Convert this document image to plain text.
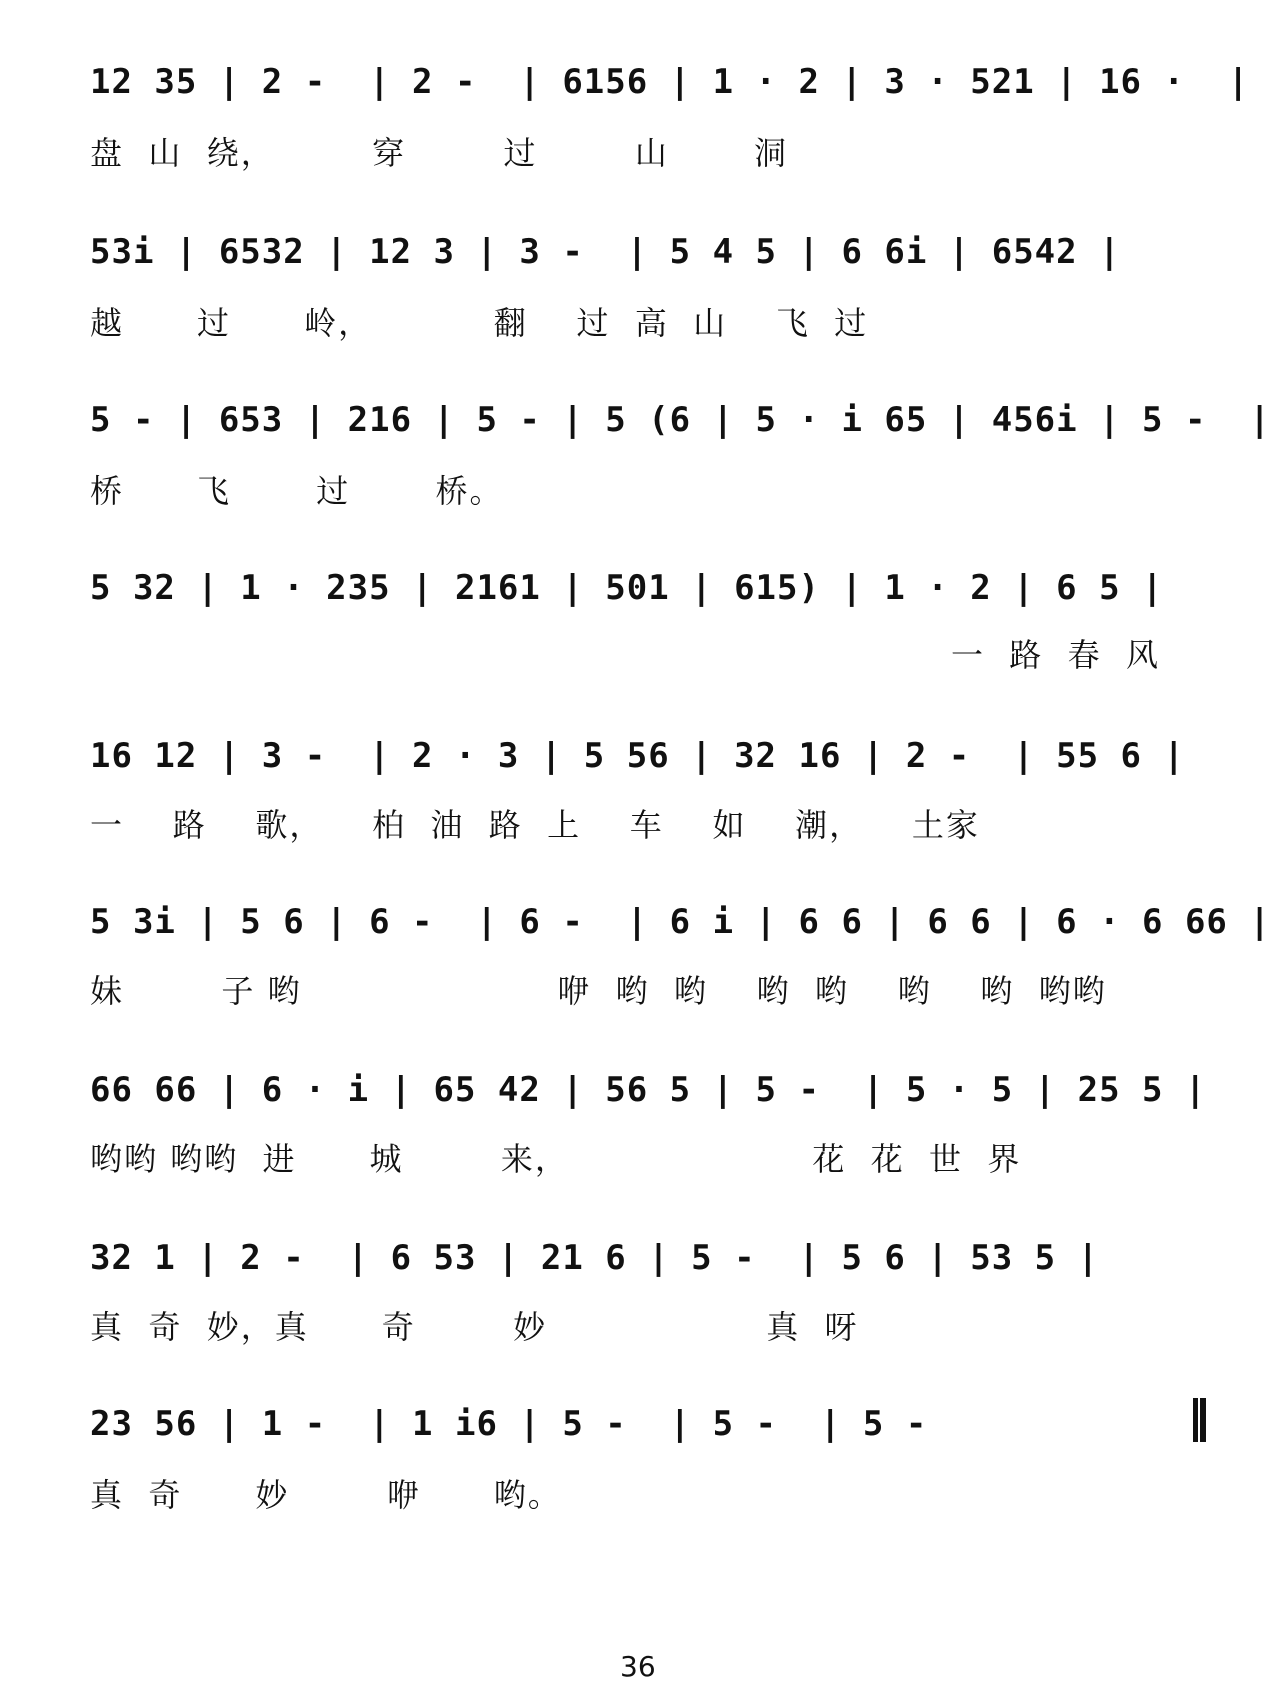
12 35 | 2 -  | 2 -  | 6156 | 1 · 2 | 3 · 521 | 16 ·  |
盘  山  绕，        穿        过        山       洞
53i | 6532 | 12 3 | 3 -  | 5 4 5 | 6 6i | 6542 |
越      过      岭，          翻    过  高  山    飞  过
5 - | 653 | 216 | 5 - | 5 (6 | 5 · i 65 | 456i | 5 -  |
桥      飞       过       桥。
5 32 | 1 · 235 | 2161 | 501 | 615) | 1 · 2 | 6 5 |
一  路  春  风
16 12 | 3 -  | 2 · 3 | 5 56 | 32 16 | 2 -  | 55 6 |
一    路    歌，    柏  油  路  上    车    如    潮，    土家
5 3i | 5 6 | 6 -  | 6 -  | 6 i | 6 6 | 6 6 | 6 · 6 66 |
妹        子 哟                     咿  哟  哟    哟  哟    哟    哟  哟哟
66 66 | 6 · i | 65 42 | 56 5 | 5 -  | 5 · 5 | 25 5 |
哟哟 哟哟  进      城        来，                    花  花  世  界
32 1 | 2 -  | 6 53 | 21 6 | 5 -  | 5 6 | 53 5 |
真  奇  妙，真      奇        妙                  真  呀
23 56 | 1 -  | 1 i6 | 5 -  | 5 -  | 5 -
真  奇      妙        咿      哟。
36
